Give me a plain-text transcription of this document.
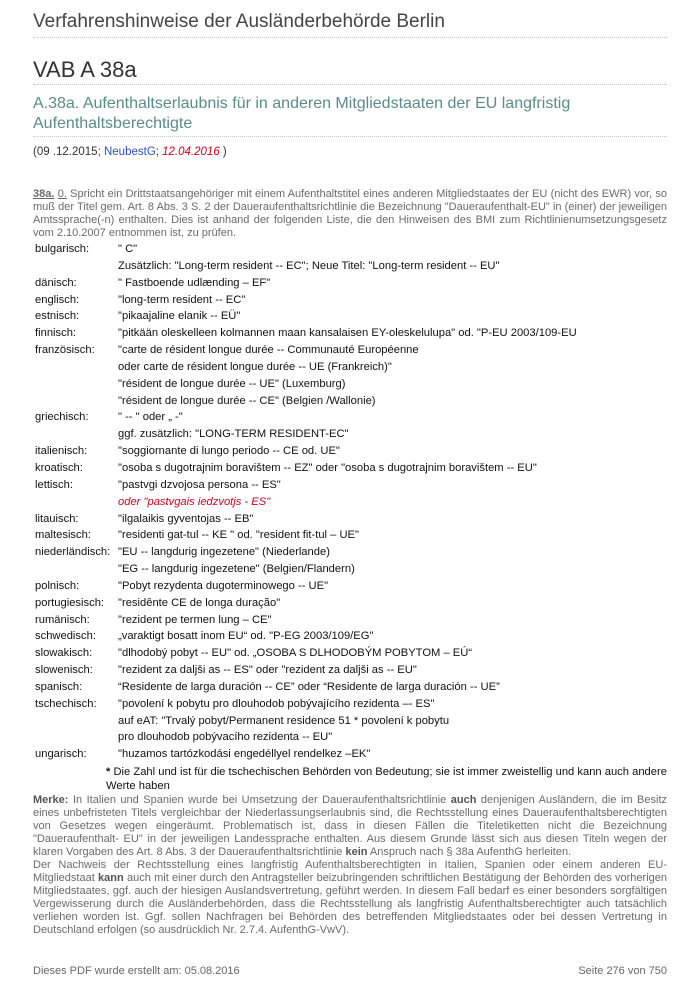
Verfahrenshinweise der Ausländerbehörde Berlin
VAB A 38a
A.38a. Aufenthaltserlaubnis für in anderen Mitgliedstaaten der EU langfristig Aufenthaltsberechtigte
(09 .12.2015; NeubestG; 12.04.2016 )
38a. 0. Spricht ein Drittstaatsangehöriger mit einem Aufenthaltstitel eines anderen Mitgliedstaates der EU (nicht des EWR) vor, so muß der Titel gem. Art. 8 Abs. 3 S. 2 der Daueraufenthaltsrichtlinie die Bezeichnung "Daueraufenthalt-EU" in (einer) der jeweiligen Amtssprache(-n) enthalten. Dies ist anhand der folgenden Liste, die den Hinweisen des BMI zum Richtlinienumsetzungsgesetz vom 2.10.2007 entnommen ist, zu prüfen.
bulgarisch:	" C"
Zusätzlich: "Long-term resident -- EC"; Neue Titel: "Long-term resident -- EU"
dänisch:	" Fastboende udlænding – EF"
englisch:	"long-term resident -- EC"
estnisch:	"pikaajaline elanik -- EÜ"
finnisch:	"pitkään oleskelleen kolmannen maan kansalaisen EY-oleskelulupa" od. "P-EU 2003/109-EU
französisch: "carte de résident longue durée -- Communauté Européenne
oder carte de résident longue durée -- UE (Frankreich)"
"résident de longue durée -- UE" (Luxemburg)
"résident de longue durée -- CE" (Belgien /Wallonie)
griechisch:	" -- " oder „ -"
ggf. zusätzlich: "LONG-TERM RESIDENT-EC"
italienisch:	"soggiornante di lungo periodo -- CE od. UE"
kroatisch:	"osoba s dugotrajnim boravištem -- EZ" oder "osoba s dugotrajnim boravištem -- EU"
lettisch:	"pastvgi dzvojosa persona -- ES"
oder "pastvgais iedzvotjs - ES"
litauisch:	"ilgalaikis gyventojas -- EB"
maltesisch: "residenti gat-tul -- KE " od. "resident fit-tul – UE"
niederländisch: "EU -- langdurig ingezetene" (Niederlande)
"EG -- langdurig ingezetene" (Belgien/Flandern)
polnisch:	"Pobyt rezydenta dugoterminowego -- UE"
portugiesisch: "residênte CE de longa duração"
rumänisch:	"rezident pe termen lung – CE"
schwedisch: „varaktigt bosatt inom EU“ od. "P-EG 2003/109/EG"
slowakisch: "dlhodobý pobyt -- EU" od. „OSOBA S DLHODOBÝM POBYTOM – EÚ“
slowenisch: "rezident za daljši as -- ES" oder "rezident za daljši as -- EU"
spanisch:	“Residente de larga duración -- CE” oder “Residente de larga duración -- UE”
tschechisch: "povolení k pobytu pro dlouhodob pobývajícího rezidenta –- ES"
auf eAT: "Trvalý pobyt/Permanent residence 51 * povolení k pobytu
pro dlouhodob pobývacího rezidenta -- EU"
ungarisch:	"huzamos tartózkodási engedéllyel rendelkez –EK"
* Die Zahl und ist für die tschechischen Behörden von Bedeutung; sie ist immer zweistellig und kann auch andere Werte haben
Merke: In Italien und Spanien wurde bei Umsetzung der Daueraufenthaltsrichtlinie auch denjenigen Ausländern, die im Besitz eines unbefristeten Titels vergleichbar der Niederlassungserlaubnis sind, die Rechtsstellung eines Daueraufenthaltsberechtigten von Gesetzes wegen eingeräumt. Problematisch ist, dass in diesen Fällen die Titeletiketten nicht die Bezeichnung "Daueraufenthalt- EU" in der jeweiligen Landessprache enthalten. Aus diesem Grunde lässt sich aus diesen Titeln wegen der klaren Vorgaben des Art. 8 Abs. 3 der Daueraufenthaltsrichtlinie kein Anspruch nach § 38a AufenthG herleiten.
Der Nachweis der Rechtsstellung eines langfristig Aufenthaltsberechtigten in Italien, Spanien oder einem anderen EU-Mitgliedstaat kann auch mit einer durch den Antragsteller beizubringenden schriftlichen Bestätigung der Behörden des vorherigen Mitgliedstaates, ggf. auch der hiesigen Auslandsvertretung, geführt werden. In diesem Fall bedarf es einer besonders sorgfältigen Vergewisserung durch die Ausländerbehörden, dass die Rechtsstellung als langfristig Aufenthaltsberechtigter auch tatsächlich verliehen worden ist. Ggf. sollen Nachfragen bei Behörden des betreffenden Mitgliedstaates oder bei dessen Vertretung in Deutschland erfolgen (so ausdrücklich Nr. 2.7.4. AufenthG-VwV).
Dieses PDF wurde erstellt am: 05.08.2016	Seite 276 von 750
